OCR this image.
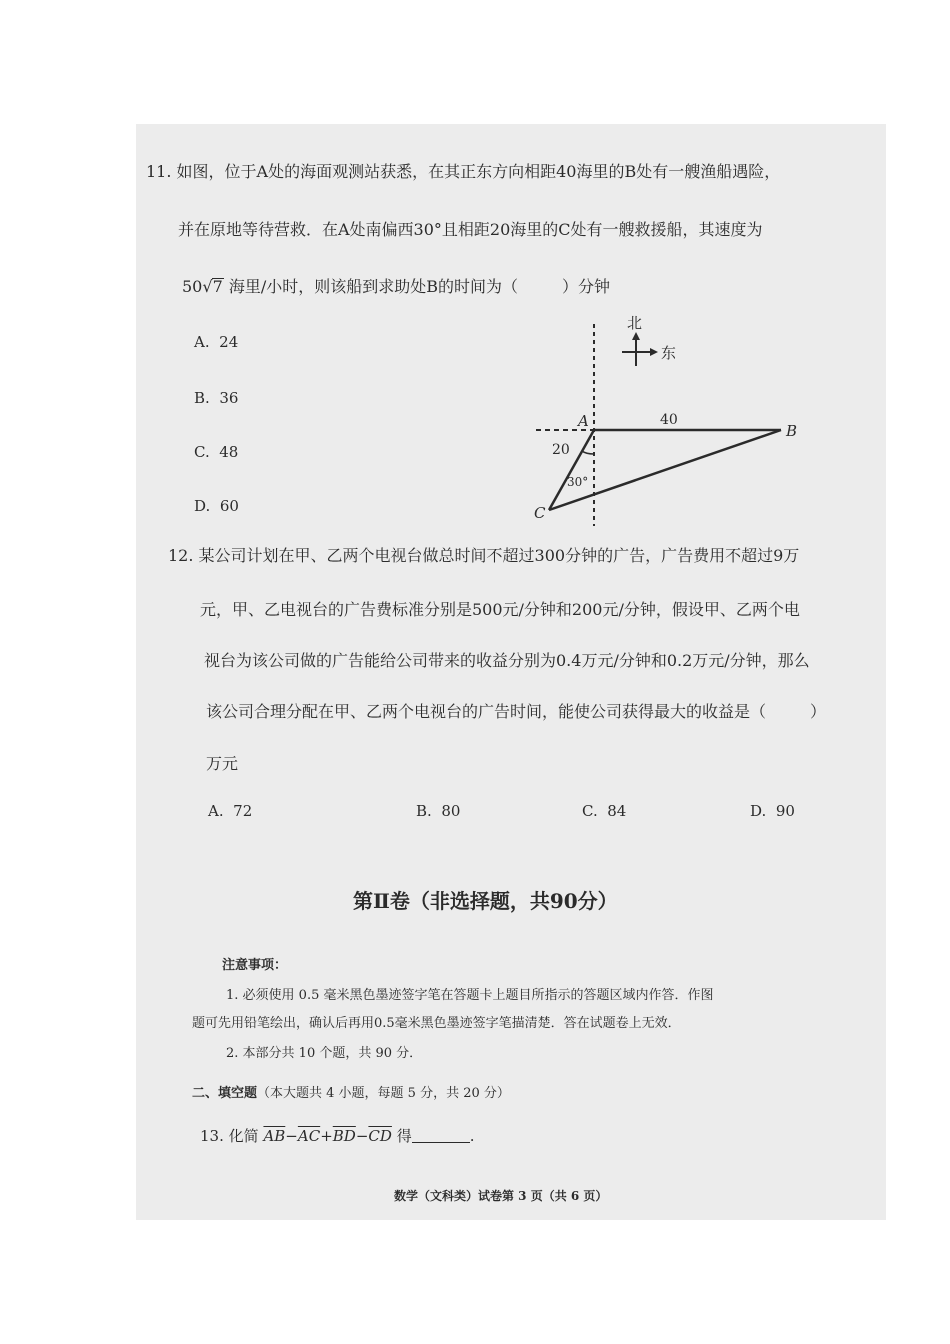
11. 如图，位于A处的海面观测站获悉，在其正东方向相距40海里的B处有一艘渔船遇险，
并在原地等待营救．在A处南偏西30°且相距20海里的C处有一艘救援船，其速度为
50√7 海里/小时，则该船到求助处B的时间为（	）分钟
A. 24
B. 36
C. 48
D. 60
北
东
A
B
C
40
20
30°
12. 某公司计划在甲、乙两个电视台做总时间不超过300分钟的广告，广告费用不超过9万
元，甲、乙电视台的广告费标准分别是500元/分钟和200元/分钟，假设甲、乙两个电
视台为该公司做的广告能给公司带来的收益分别为0.4万元/分钟和0.2万元/分钟，那么
该公司合理分配在甲、乙两个电视台的广告时间，能使公司获得最大的收益是（	）
万元
A. 72	B. 80	C. 84	D. 90
第Ⅱ卷（非选择题，共90分）
注意事项：
1. 必须使用 0.5 毫米黑色墨迹签字笔在答题卡上题目所指示的答题区域内作答．作图
题可先用铅笔绘出，确认后再用0.5毫米黑色墨迹签字笔描清楚．答在试题卷上无效．
2. 本部分共 10 个题，共 90 分．
二、填空题（本大题共 4 小题，每题 5 分，共 20 分）
13. 化简 $\overline{AB}-\overline{AC}+\overline{BD}-\overline{CD}$ 得	.
数学（文科类）试卷第 3 页（共 6 页）
